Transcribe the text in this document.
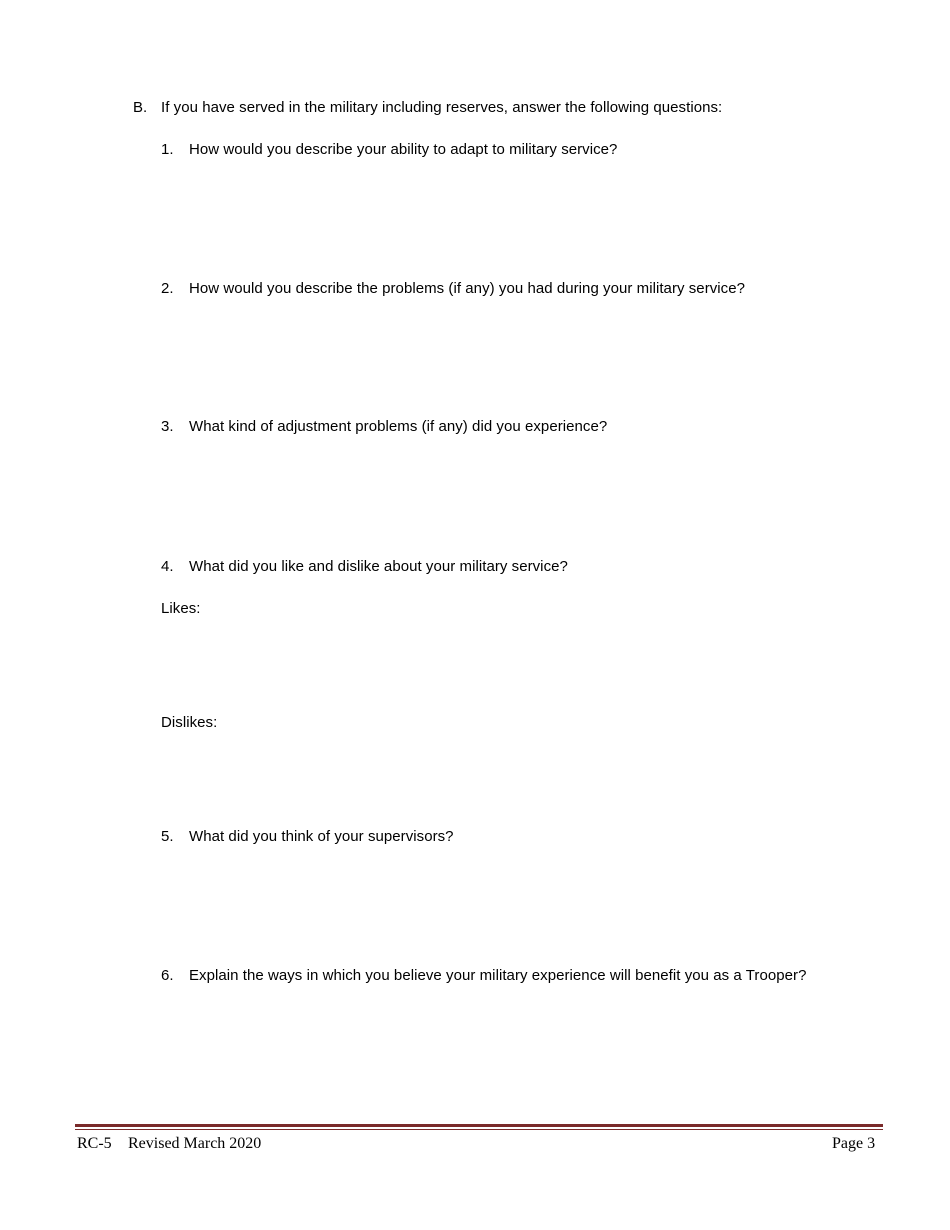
B. If you have served in the military including reserves, answer the following questions:
1. How would you describe your ability to adapt to military service?
2. How would you describe the problems (if any) you had during your military service?
3. What kind of adjustment problems (if any) did you experience?
4. What did you like and dislike about your military service?
Likes:
Dislikes:
5. What did you think of your supervisors?
6. Explain the ways in which you believe your military experience will benefit you as a Trooper?
RC-5 Revised March 2020	Page 3
